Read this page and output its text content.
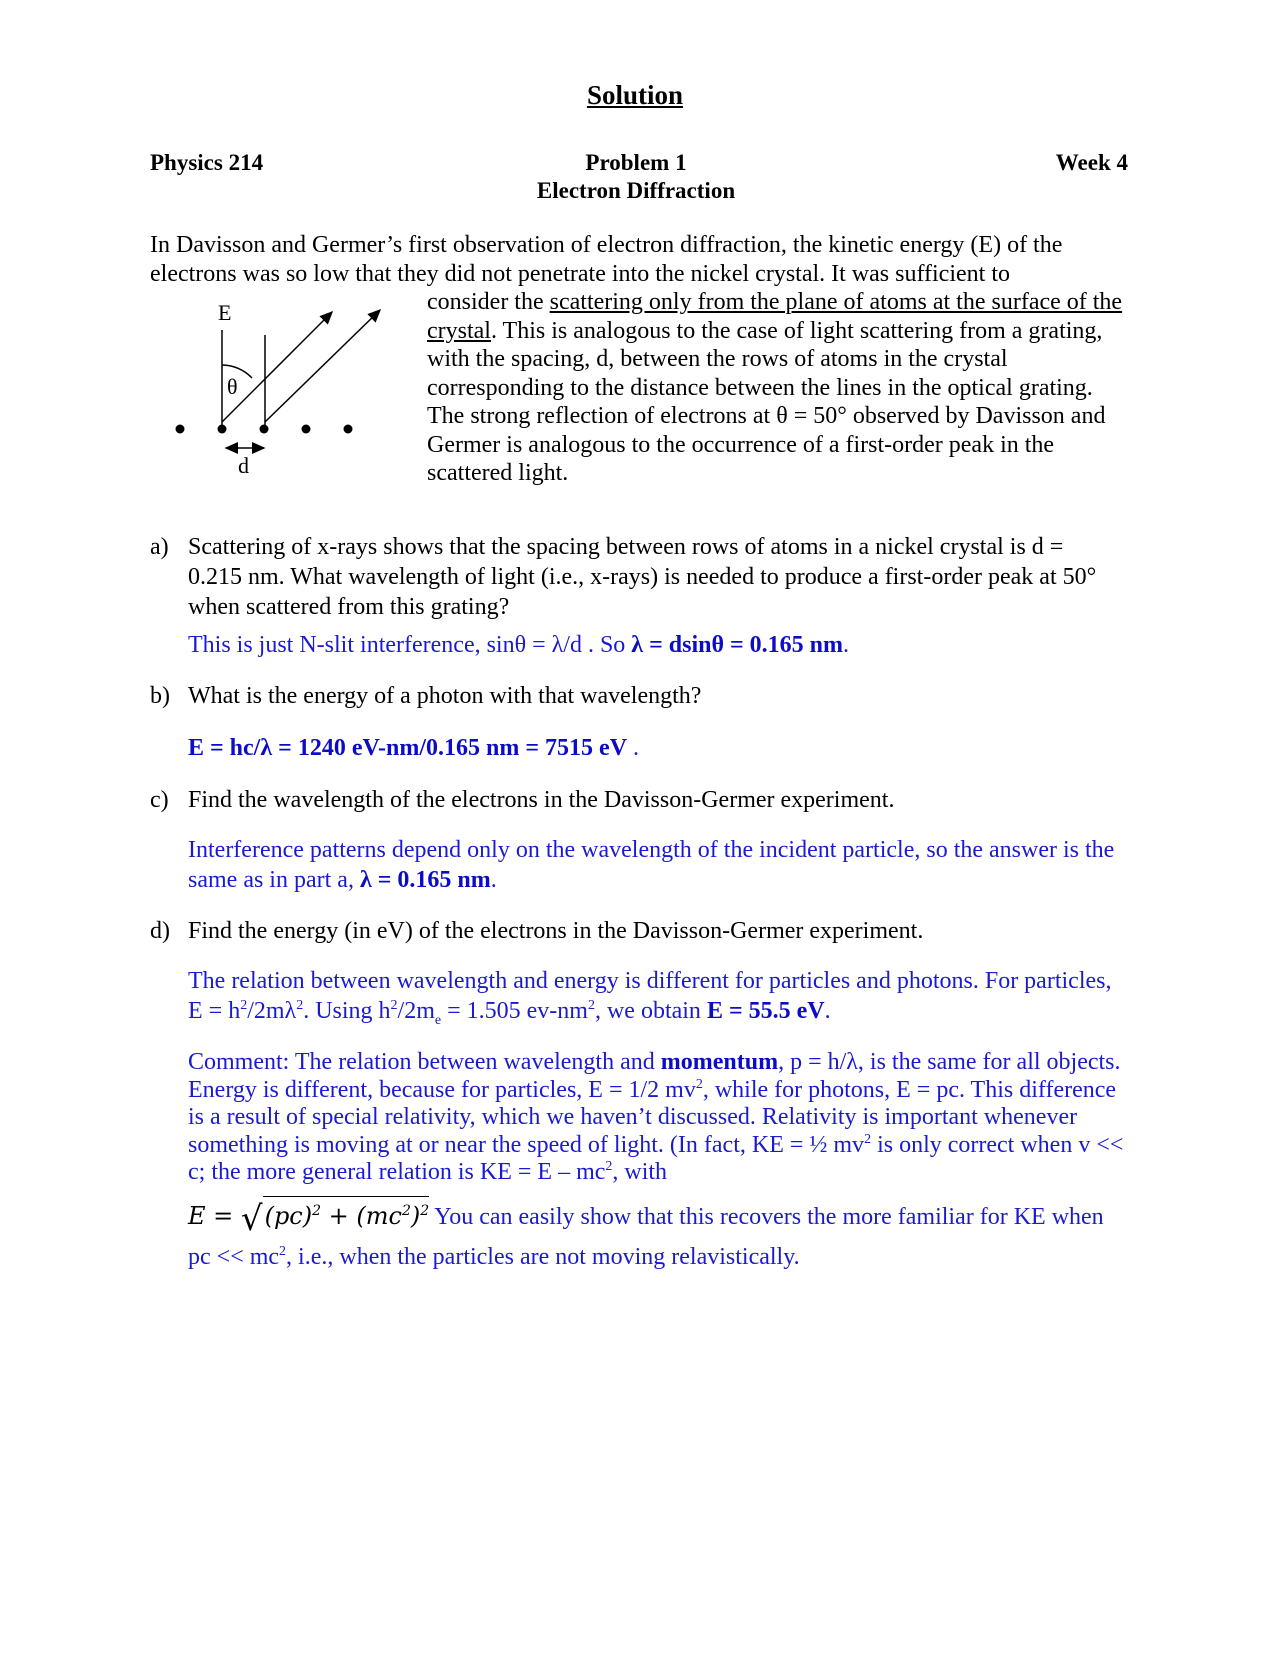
Solution
Physics 214	Problem 1	Week 4
Electron Diffraction
In Davisson and Germer’s first observation of electron diffraction, the kinetic energy (E) of the electrons was so low that they did not penetrate into the nickel crystal. It was sufficient to
consider the scattering only from the plane of atoms at the surface of the crystal. This is analogous to the case of light scattering from a grating, with the spacing, d, between the rows of atoms in the crystal corresponding to the distance between the lines in the optical grating. The strong reflection of electrons at θ = 50° observed by Davisson and Germer is analogous to the occurrence of a first-order peak in the scattered light.
E
θ
d
a) Scattering of x-rays shows that the spacing between rows of atoms in a nickel crystal is d = 0.215 nm. What wavelength of light (i.e., x-rays) is needed to produce a first-order peak at 50° when scattered from this grating?
This is just N-slit interference, sinθ = λ/d . So λ = dsinθ = 0.165 nm.
b) What is the energy of a photon with that wavelength?
E = hc/λ = 1240 eV-nm/0.165 nm = 7515 eV .
c) Find the wavelength of the electrons in the Davisson-Germer experiment.
Interference patterns depend only on the wavelength of the incident particle, so the answer is the same as in part a, λ = 0.165 nm.
d) Find the energy (in eV) of the electrons in the Davisson-Germer experiment.
The relation between wavelength and energy is different for particles and photons. For particles, $E = h^2/2m\lambda^2$. Using $h^2/2m_e = 1.505$ $ev-nm^2$, we obtain E = 55.5 eV.
Comment: The relation between wavelength and momentum, p = h/λ, is the same for all objects. Energy is different, because for particles, E = 1/2 $mv^2$, while for photons, E = pc. This difference is a result of special relativity, which we haven’t discussed. Relativity is important whenever something is moving at or near the speed of light. (In fact, KE = ½ $mv^2$ is only correct when v << c; the more general relation is KE = E – $mc^2$, with
$E = √(pc)^2 + (mc^2)^2$ You can easily show that this recovers the more familiar for KE when pc << $mc^2$, i.e., when the particles are not moving relavistically.
